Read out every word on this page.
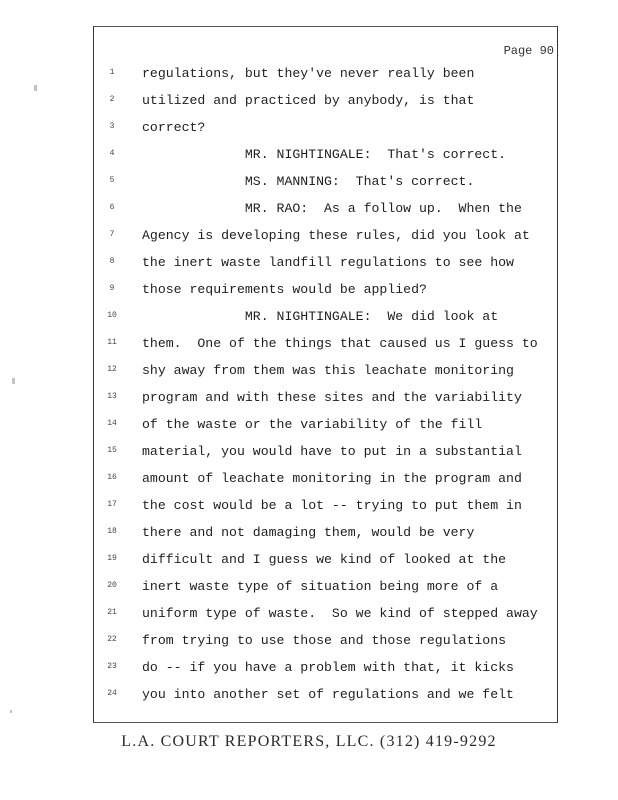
Page 90
1
2
3
4
5
6
7
8
9
10
11
12
13
14
15
16
17
18
19
20
21
22
23
24
regulations, but they've never really been
utilized and practiced by anybody, is that
correct?
MR. NIGHTINGALE:  That's correct.
MS. MANNING:  That's correct.
MR. RAO:  As a follow up.  When the
Agency is developing these rules, did you look at
the inert waste landfill regulations to see how
those requirements would be applied?
MR. NIGHTINGALE:  We did look at
them.  One of the things that caused us I guess to
shy away from them was this leachate monitoring
program and with these sites and the variability
of the waste or the variability of the fill
material, you would have to put in a substantial
amount of leachate monitoring in the program and
the cost would be a lot -- trying to put them in
there and not damaging them, would be very
difficult and I guess we kind of looked at the
inert waste type of situation being more of a
uniform type of waste.  So we kind of stepped away
from trying to use those and those regulations
do -- if you have a problem with that, it kicks
you into another set of regulations and we felt
L.A. COURT REPORTERS, LLC. (312) 419-9292
